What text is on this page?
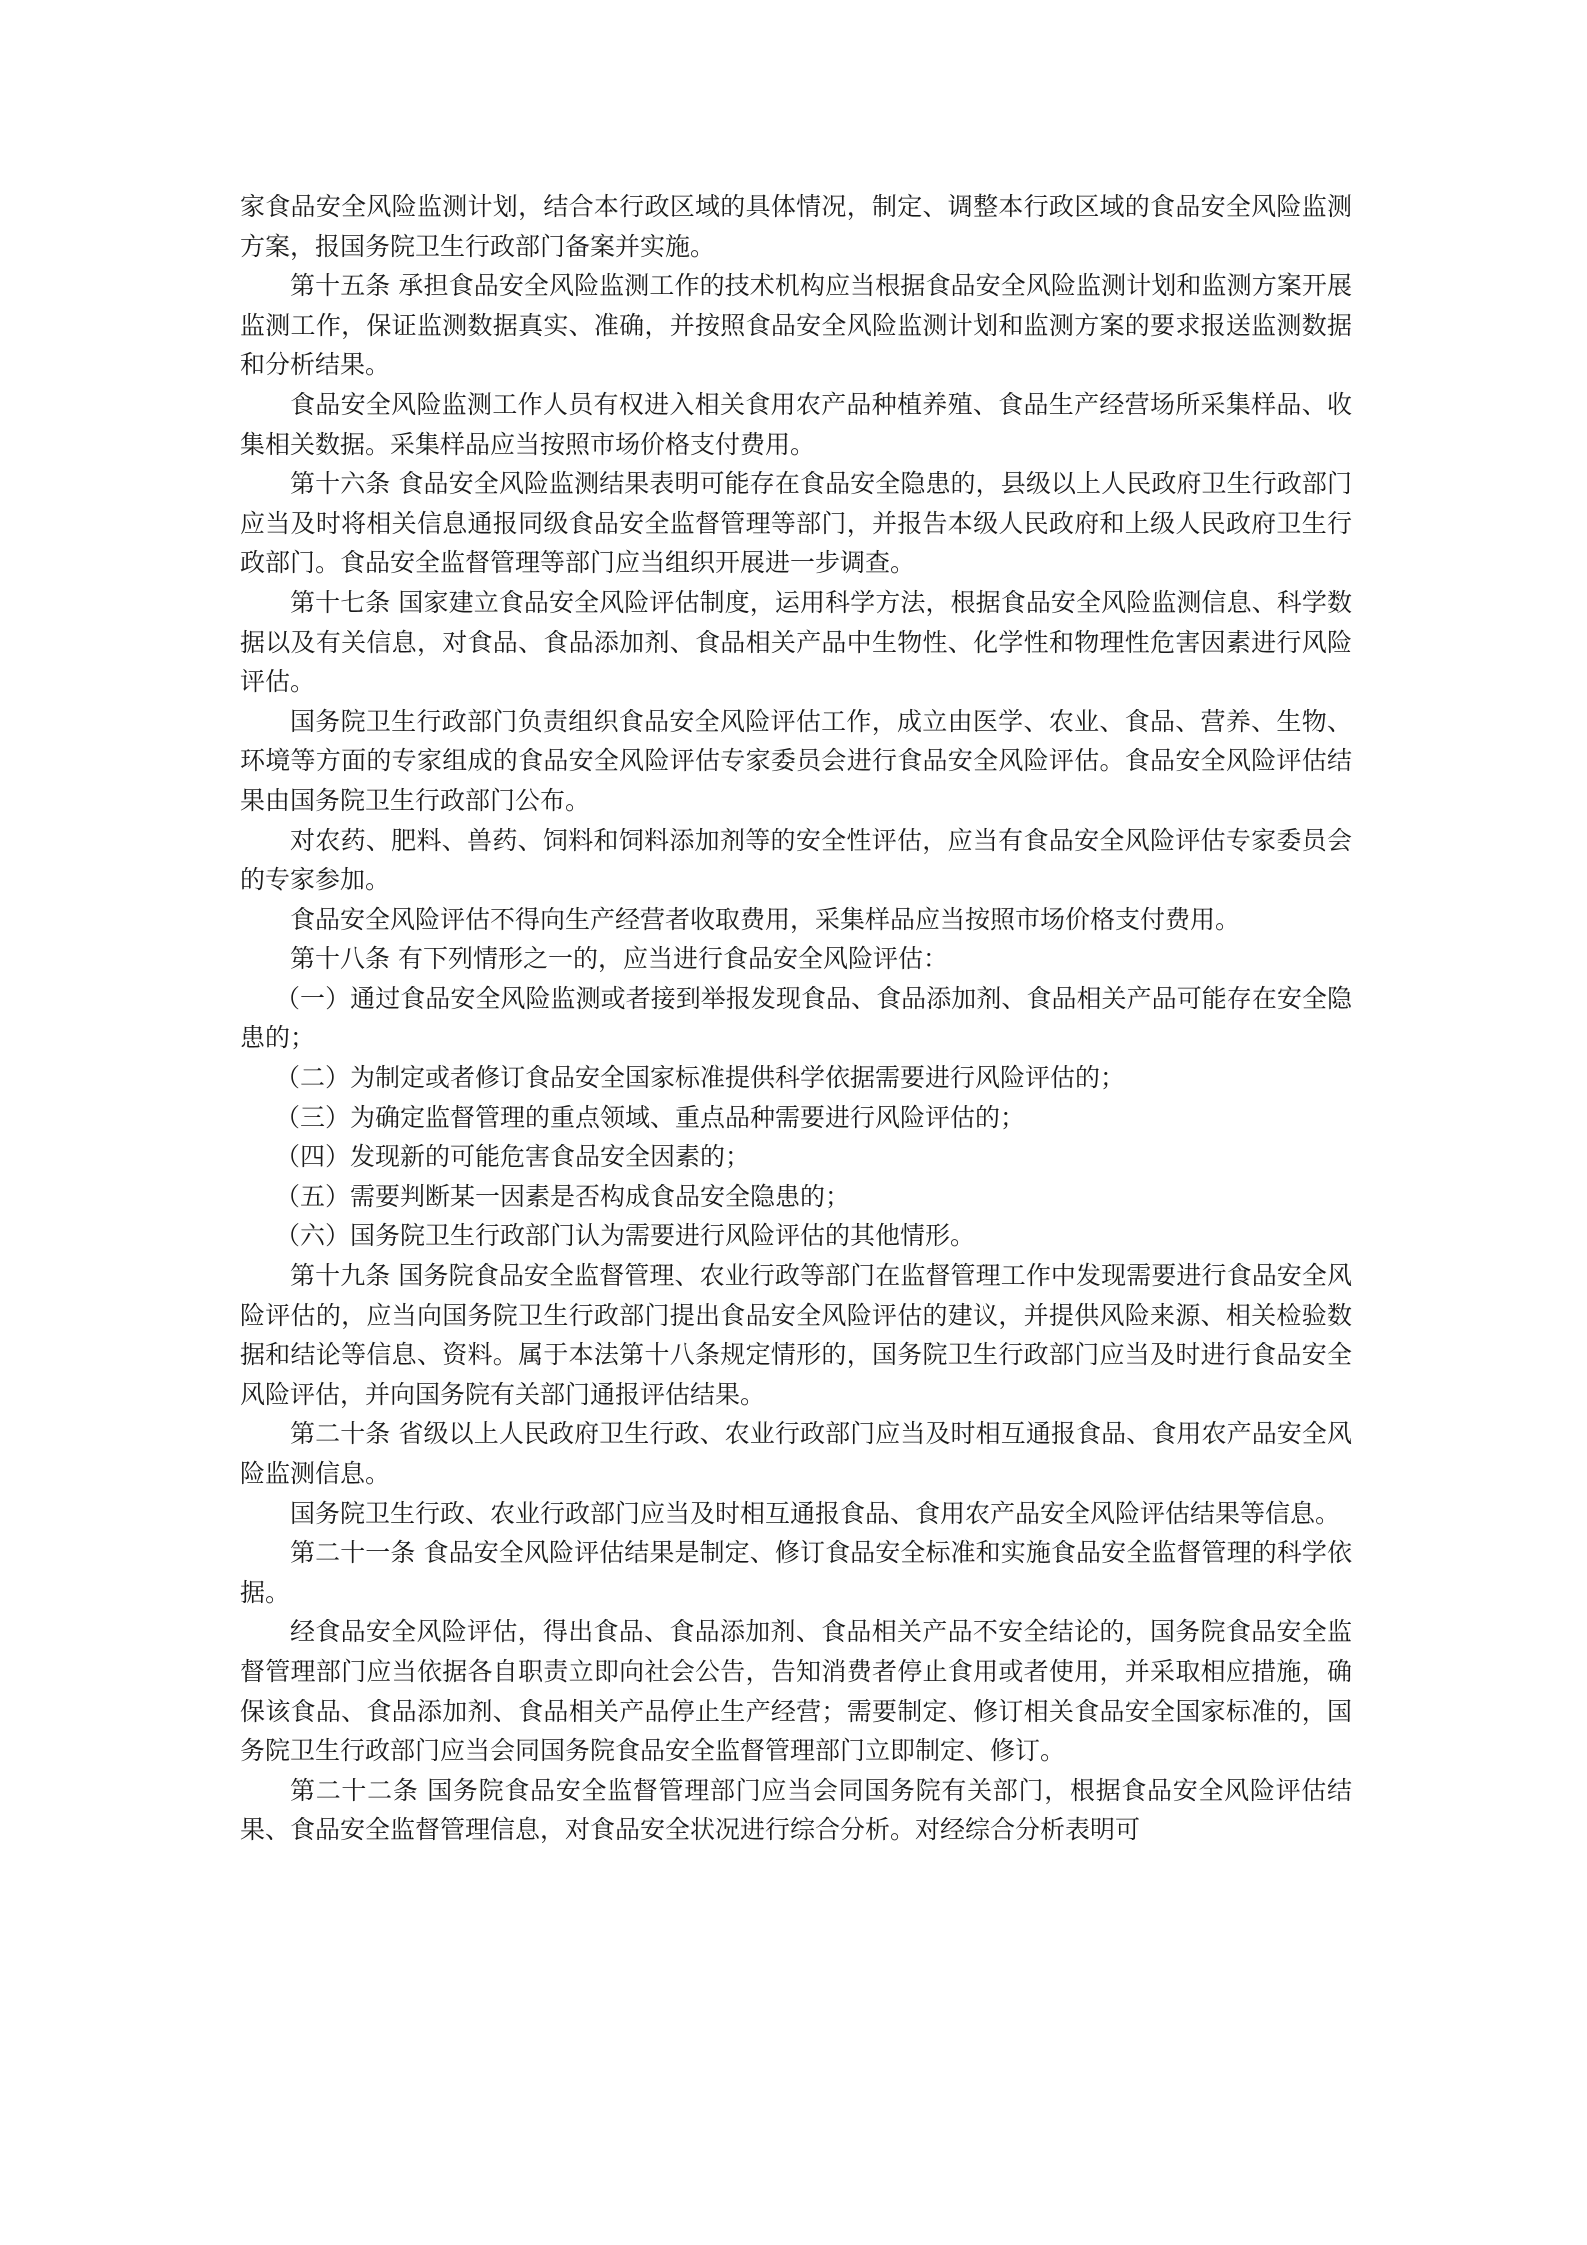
家食品安全风险监测计划，结合本行政区域的具体情况，制定、调整本行政区域的食品安全风险监测方案，报国务院卫生行政部门备案并实施。

第十五条 承担食品安全风险监测工作的技术机构应当根据食品安全风险监测计划和监测方案开展监测工作，保证监测数据真实、准确，并按照食品安全风险监测计划和监测方案的要求报送监测数据和分析结果。

食品安全风险监测工作人员有权进入相关食用农产品种植养殖、食品生产经营场所采集样品、收集相关数据。采集样品应当按照市场价格支付费用。

第十六条 食品安全风险监测结果表明可能存在食品安全隐患的，县级以上人民政府卫生行政部门应当及时将相关信息通报同级食品安全监督管理等部门，并报告本级人民政府和上级人民政府卫生行政部门。食品安全监督管理等部门应当组织开展进一步调查。

第十七条 国家建立食品安全风险评估制度，运用科学方法，根据食品安全风险监测信息、科学数据以及有关信息，对食品、食品添加剂、食品相关产品中生物性、化学性和物理性危害因素进行风险评估。

国务院卫生行政部门负责组织食品安全风险评估工作，成立由医学、农业、食品、营养、生物、环境等方面的专家组成的食品安全风险评估专家委员会进行食品安全风险评估。食品安全风险评估结果由国务院卫生行政部门公布。

对农药、肥料、兽药、饲料和饲料添加剂等的安全性评估，应当有食品安全风险评估专家委员会的专家参加。

食品安全风险评估不得向生产经营者收取费用，采集样品应当按照市场价格支付费用。

第十八条 有下列情形之一的，应当进行食品安全风险评估：

（一）通过食品安全风险监测或者接到举报发现食品、食品添加剂、食品相关产品可能存在安全隐患的；

（二）为制定或者修订食品安全国家标准提供科学依据需要进行风险评估的；

（三）为确定监督管理的重点领域、重点品种需要进行风险评估的；

（四）发现新的可能危害食品安全因素的；

（五）需要判断某一因素是否构成食品安全隐患的；

（六）国务院卫生行政部门认为需要进行风险评估的其他情形。

第十九条 国务院食品安全监督管理、农业行政等部门在监督管理工作中发现需要进行食品安全风险评估的，应当向国务院卫生行政部门提出食品安全风险评估的建议，并提供风险来源、相关检验数据和结论等信息、资料。属于本法第十八条规定情形的，国务院卫生行政部门应当及时进行食品安全风险评估，并向国务院有关部门通报评估结果。

第二十条 省级以上人民政府卫生行政、农业行政部门应当及时相互通报食品、食用农产品安全风险监测信息。

国务院卫生行政、农业行政部门应当及时相互通报食品、食用农产品安全风险评估结果等信息。

第二十一条 食品安全风险评估结果是制定、修订食品安全标准和实施食品安全监督管理的科学依据。

经食品安全风险评估，得出食品、食品添加剂、食品相关产品不安全结论的，国务院食品安全监督管理部门应当依据各自职责立即向社会公告，告知消费者停止食用或者使用，并采取相应措施，确保该食品、食品添加剂、食品相关产品停止生产经营；需要制定、修订相关食品安全国家标准的，国务院卫生行政部门应当会同国务院食品安全监督管理部门立即制定、修订。

第二十二条 国务院食品安全监督管理部门应当会同国务院有关部门，根据食品安全风险评估结果、食品安全监督管理信息，对食品安全状况进行综合分析。对经综合分析表明可
